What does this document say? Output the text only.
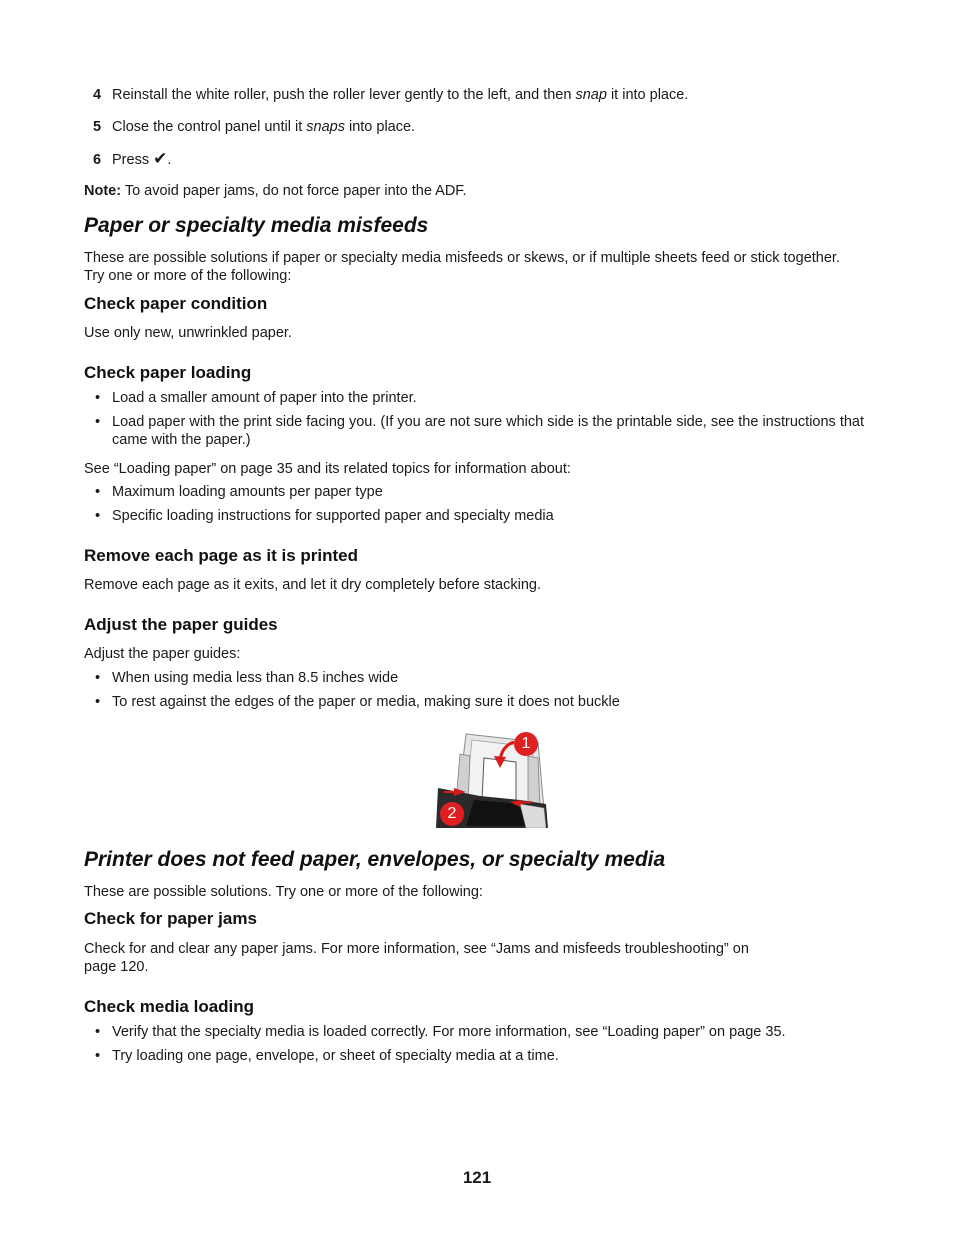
4 Reinstall the white roller, push the roller lever gently to the left, and then snap it into place.
5 Close the control panel until it snaps into place.
6 Press ✔.
Note: To avoid paper jams, do not force paper into the ADF.
Paper or specialty media misfeeds
These are possible solutions if paper or specialty media misfeeds or skews, or if multiple sheets feed or stick together.
Try one or more of the following:
Check paper condition
Use only new, unwrinkled paper.
Check paper loading
• Load a smaller amount of paper into the printer.
• Load paper with the print side facing you. (If you are not sure which side is the printable side, see the instructions that came with the paper.)
See “Loading paper” on page 35 and its related topics for information about:
• Maximum loading amounts per paper type
• Specific loading instructions for supported paper and specialty media
Remove each page as it is printed
Remove each page as it exits, and let it dry completely before stacking.
Adjust the paper guides
Adjust the paper guides:
• When using media less than 8.5 inches wide
• To rest against the edges of the paper or media, making sure it does not buckle
1
2
Printer does not feed paper, envelopes, or specialty media
These are possible solutions. Try one or more of the following:
Check for paper jams
Check for and clear any paper jams. For more information, see “Jams and misfeeds troubleshooting” on
page 120.
Check media loading
• Verify that the specialty media is loaded correctly. For more information, see “Loading paper” on page 35.
• Try loading one page, envelope, or sheet of specialty media at a time.
121
